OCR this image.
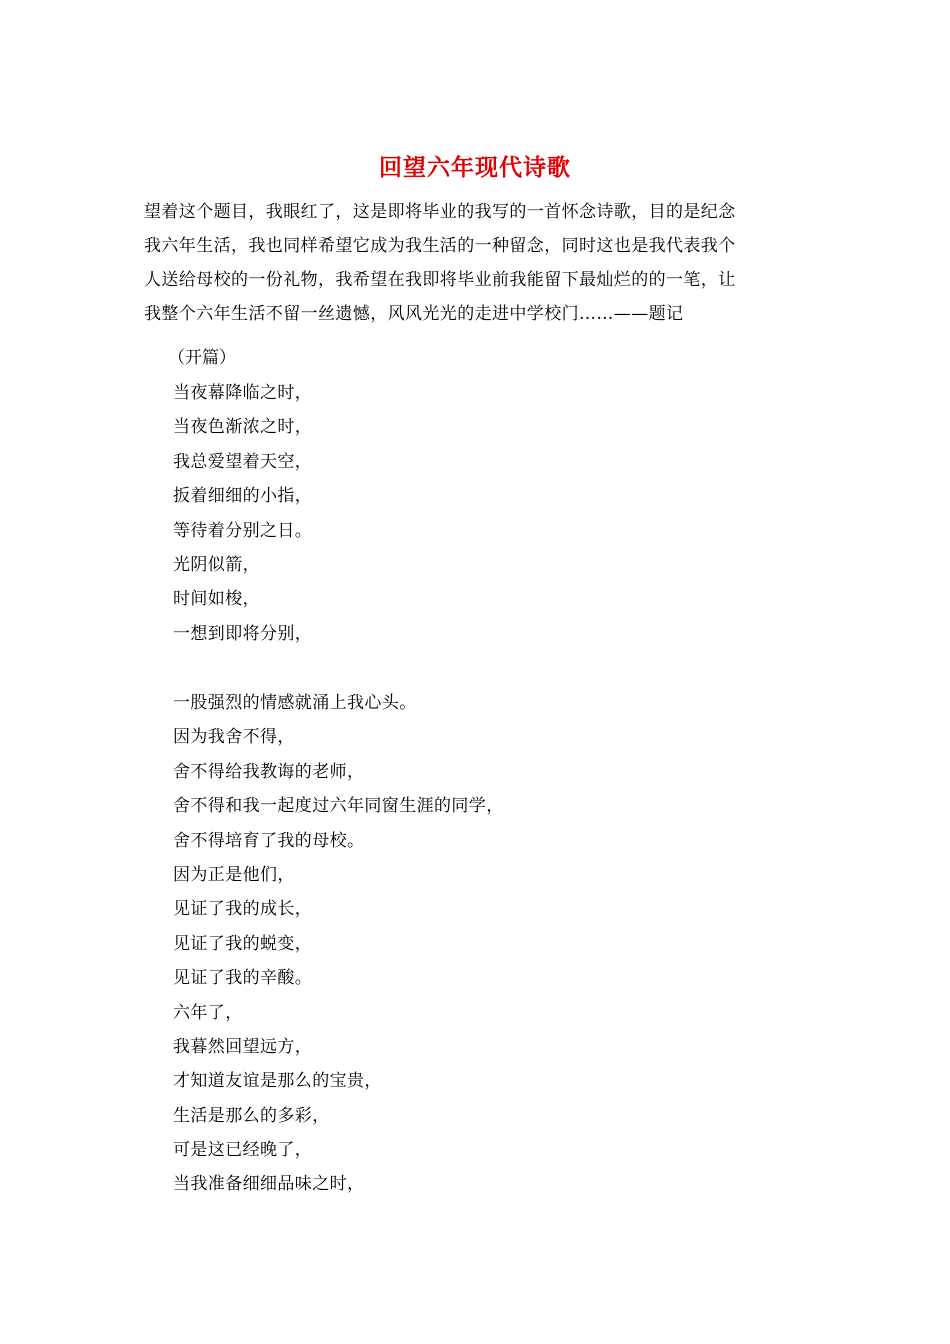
回望六年现代诗歌
望着这个题目，我眼红了，这是即将毕业的我写的一首怀念诗歌，目的是纪念
我六年生活，我也同样希望它成为我生活的一种留念，同时这也是我代表我个
人送给母校的一份礼物，我希望在我即将毕业前我能留下最灿烂的的一笔，让
我整个六年生活不留一丝遗憾，风风光光的走进中学校门……——题记

（开篇）

当夜幕降临之时，
当夜色渐浓之时，
我总爱望着天空，
扳着细细的小指，
等待着分别之日。
光阴似箭，
时间如梭，
一想到即将分别，
一股强烈的情感就涌上我心头。
因为我舍不得，
舍不得给我教诲的老师，
舍不得和我一起度过六年同窗生涯的同学，
舍不得培育了我的母校。
因为正是他们，
见证了我的成长，
见证了我的蜕变，
见证了我的辛酸。
六年了，
我暮然回望远方，
才知道友谊是那么的宝贵，
生活是那么的多彩，
可是这已经晚了，
当我准备细细品味之时，
